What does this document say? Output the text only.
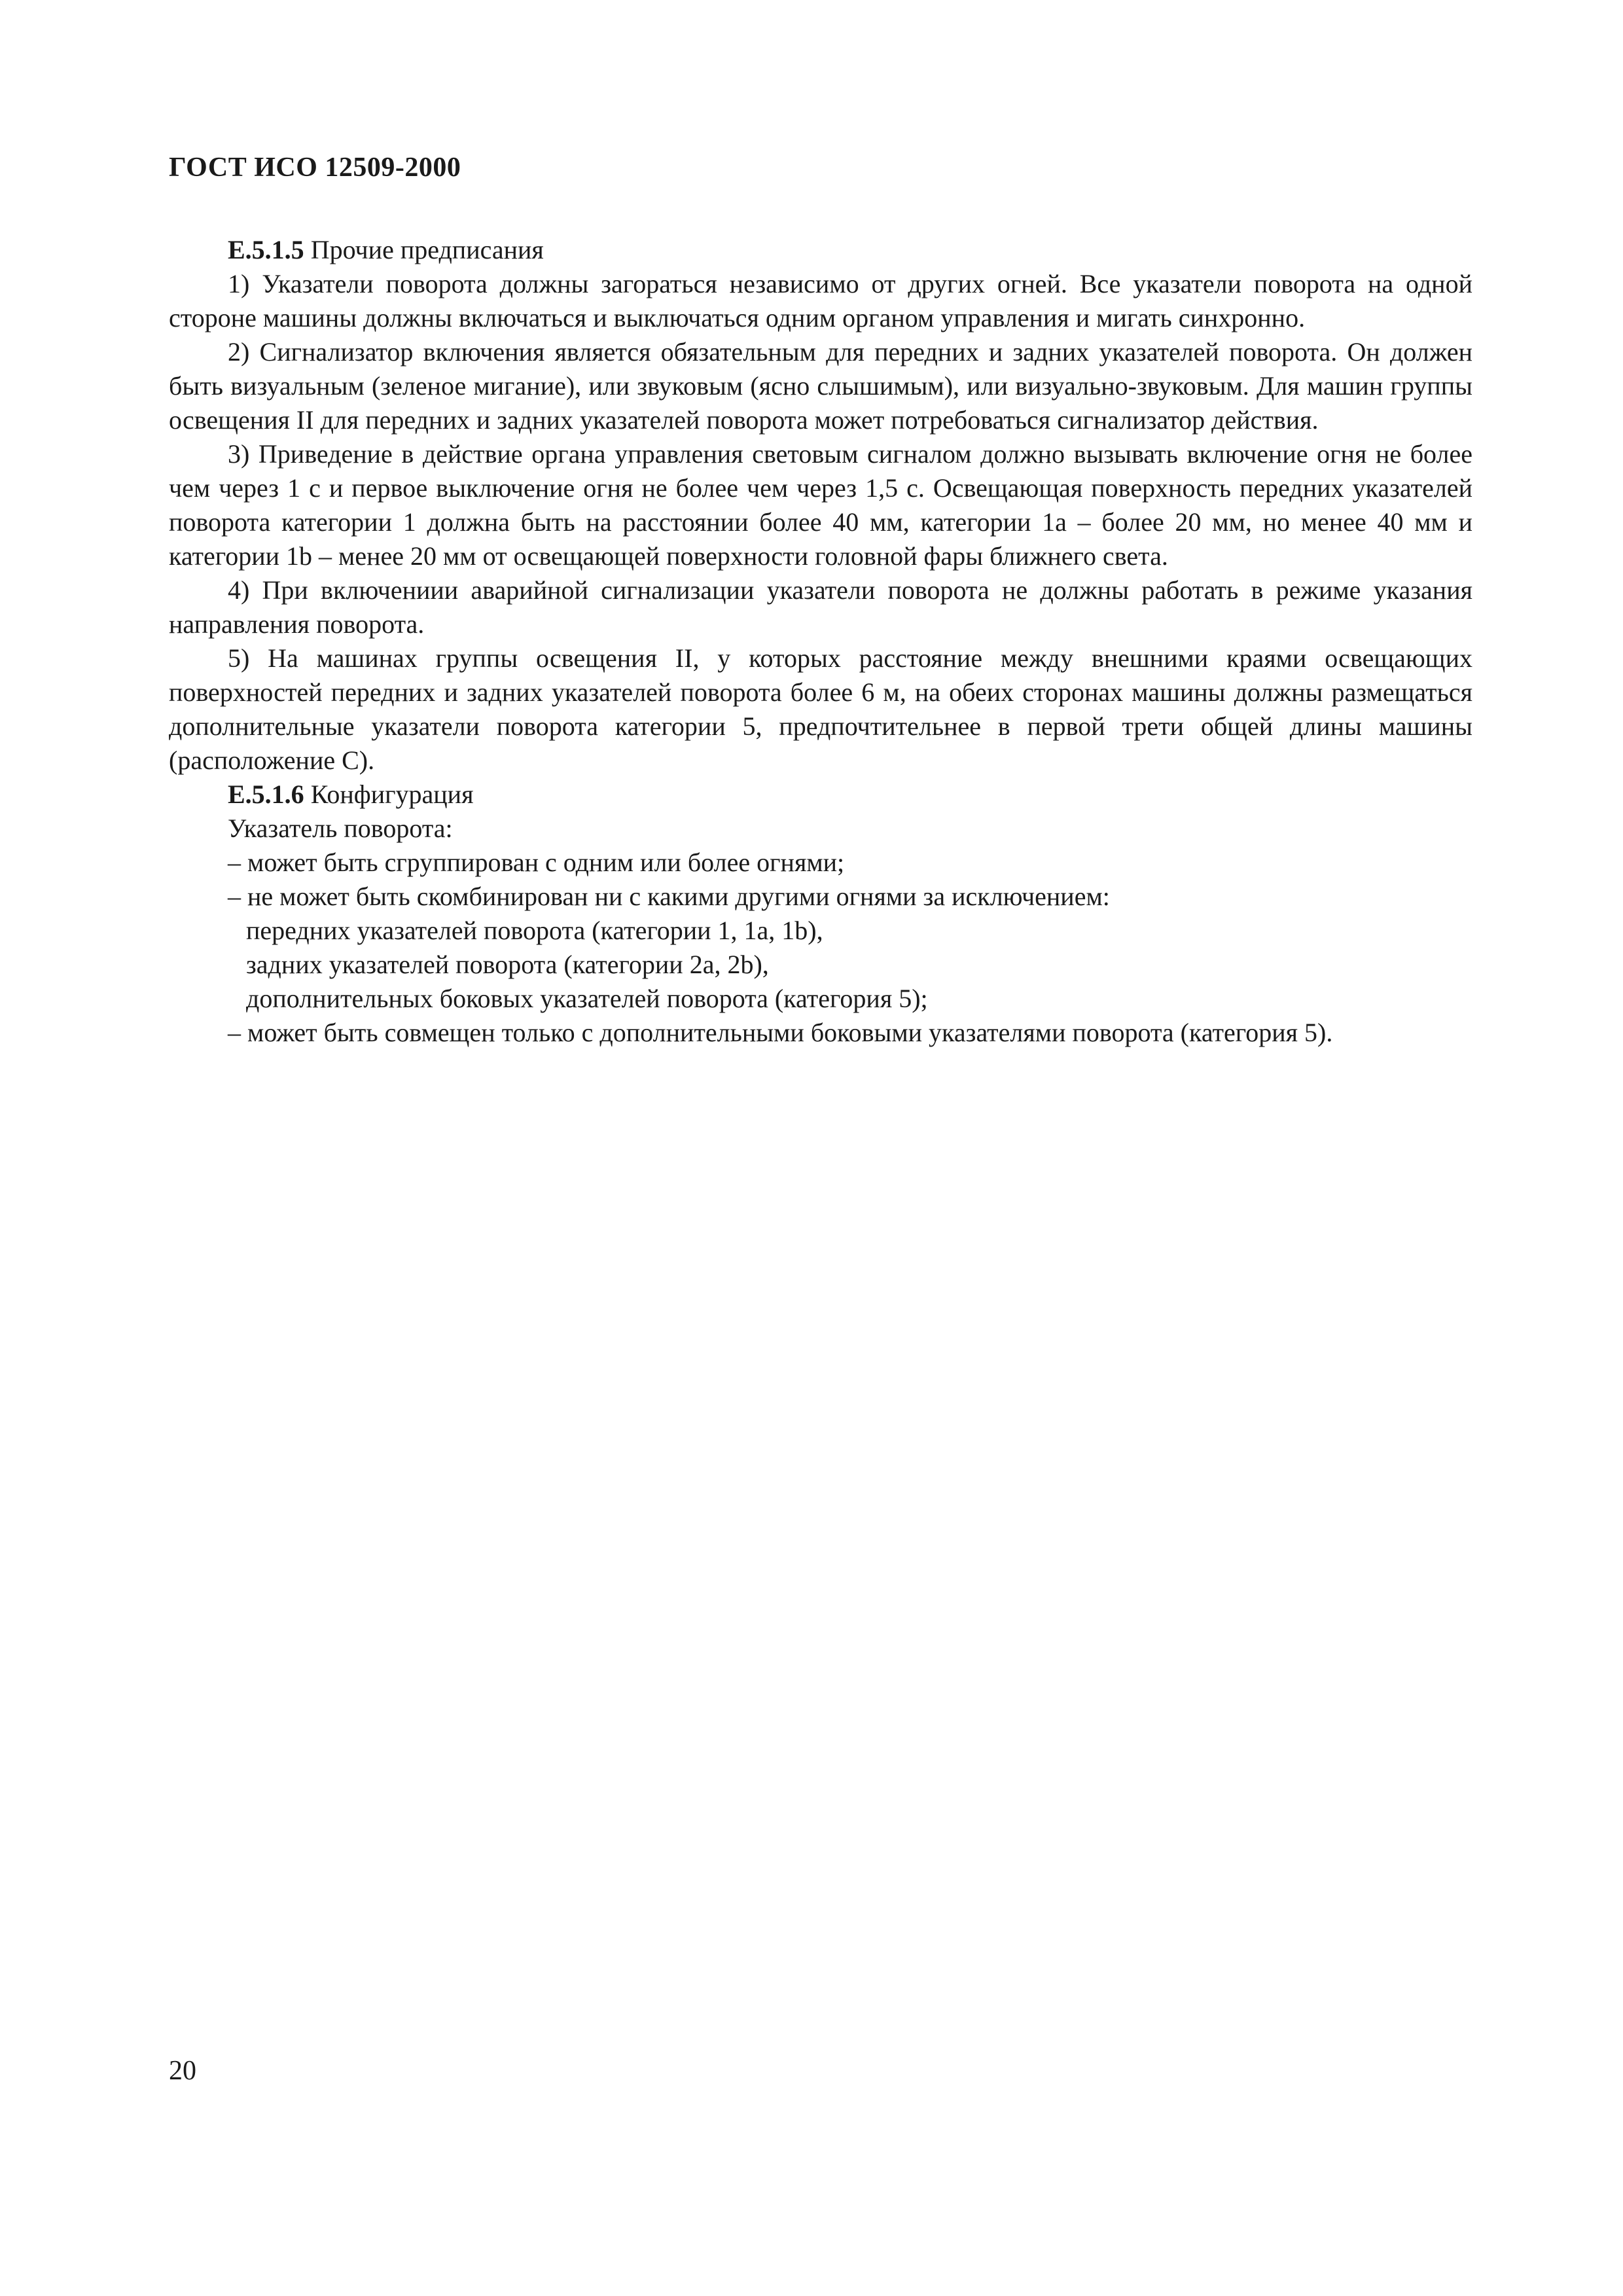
ГОСТ ИСО 12509-2000

Е.5.1.5 Прочие предписания

1) Указатели поворота должны загораться независимо от других огней. Все указатели поворота на одной стороне машины должны включаться и выключаться одним органом управления и мигать синхронно.

2) Сигнализатор включения является обязательным для передних и задних указателей поворота. Он должен быть визуальным (зеленое мигание), или звуковым (ясно слышимым), или визуально-звуковым. Для машин группы освещения II для передних и задних указателей поворота может потребоваться сигнализатор действия.

3) Приведение в действие органа управления световым сигналом должно вызывать включение огня не более чем через 1 с и первое выключение огня не более чем через 1,5 с. Освещающая поверхность передних указателей поворота категории 1 должна быть на расстоянии более 40 мм, категории 1а – более 20 мм, но менее 40 мм и категории 1b – менее 20 мм от освещающей поверхности головной фары ближнего света.

4) При включениии аварийной сигнализации указатели поворота не должны работать в режиме указания направления поворота.

5) На машинах группы освещения II, у которых расстояние между внешними краями освещающих поверхностей передних и задних указателей поворота более 6 м, на обеих сторонах машины должны размещаться дополнительные указатели поворота категории 5, предпочтительнее в первой трети общей длины машины (расположение С).

Е.5.1.6 Конфигурация

Указатель поворота:

– может быть сгруппирован с одним или более огнями;

– не может быть скомбинирован ни с какими другими огнями за исключением:

передних указателей поворота (категории 1, 1а, 1b),

задних указателей поворота (категории 2а, 2b),

дополнительных боковых указателей поворота (категория 5);

– может быть совмещен только с дополнительными боковыми указателями поворота (категория 5).

20
